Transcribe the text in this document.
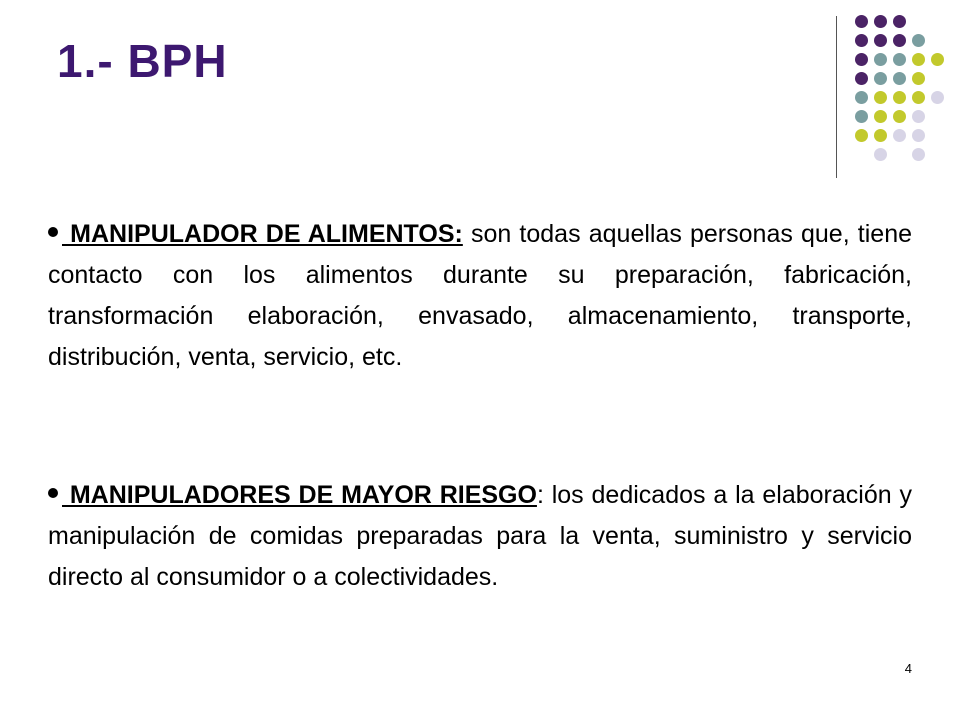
1.- BPH

MANIPULADOR DE ALIMENTOS: son todas aquellas personas que, tiene contacto con los alimentos durante su preparación, fabricación, transformación elaboración, envasado, almacenamiento, transporte, distribución, venta, servicio, etc.

MANIPULADORES DE MAYOR RIESGO: los dedicados a la elaboración y manipulación de comidas preparadas para la venta, suministro y servicio directo al consumidor o a colectividades.

4
